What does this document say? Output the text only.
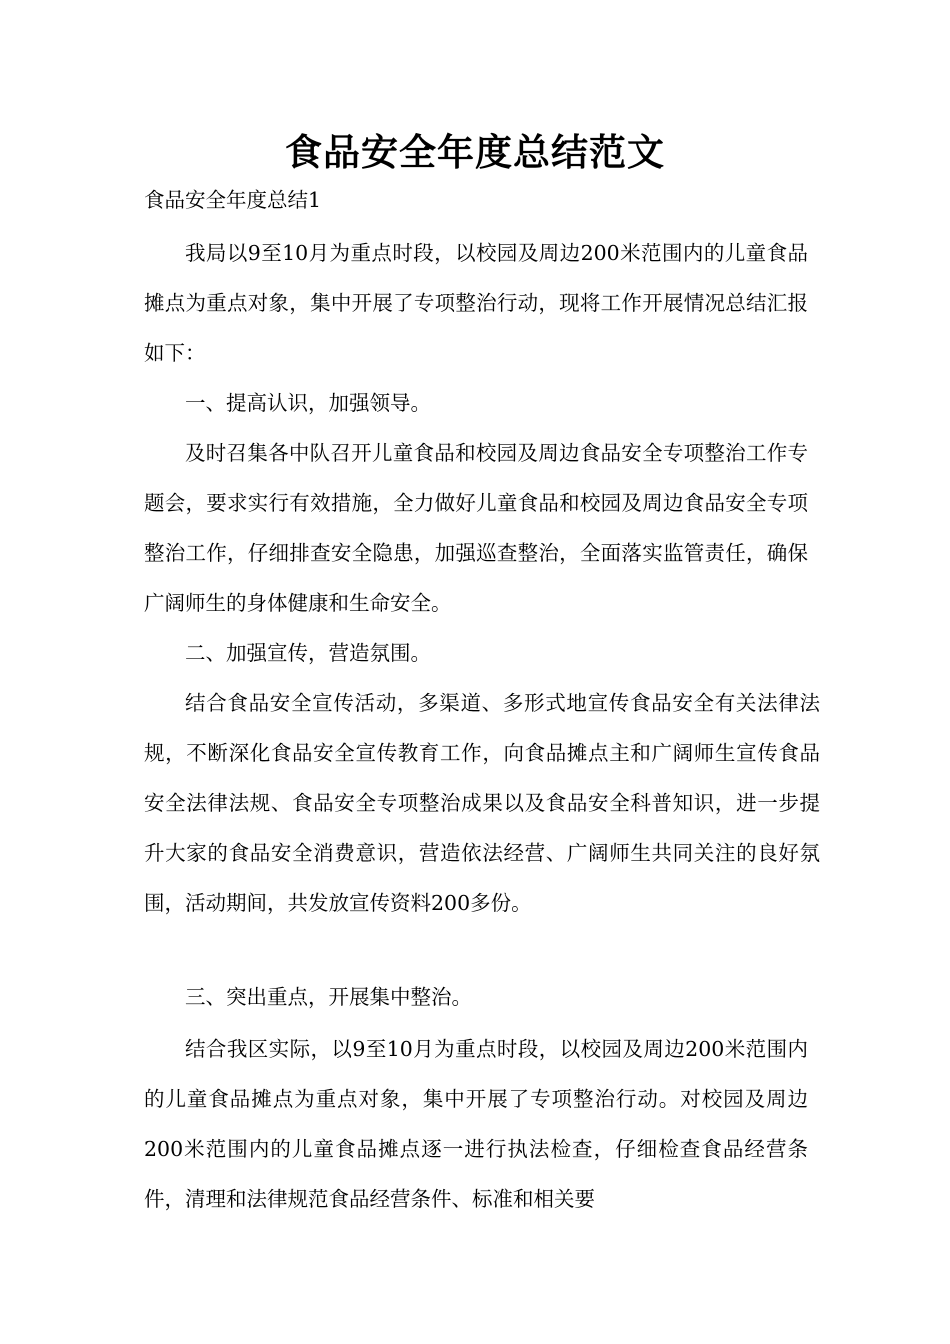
食品安全年度总结范文

食品安全年度总结1

我局以9至10月为重点时段，以校园及周边200米范围内的儿童食品摊点为重点对象，集中开展了专项整治行动，现将工作开展情况总结汇报如下：

一、提高认识，加强领导。

及时召集各中队召开儿童食品和校园及周边食品安全专项整治工作专题会，要求实行有效措施，全力做好儿童食品和校园及周边食品安全专项整治工作，仔细排查安全隐患，加强巡查整治，全面落实监管责任，确保广阔师生的身体健康和生命安全。

二、加强宣传，营造氛围。

结合食品安全宣传活动，多渠道、多形式地宣传食品安全有关法律法规，不断深化食品安全宣传教育工作，向食品摊点主和广阔师生宣传食品安全法律法规、食品安全专项整治成果以及食品安全科普知识，进一步提升大家的食品安全消费意识，营造依法经营、广阔师生共同关注的良好氛围，活动期间，共发放宣传资料200多份。

三、突出重点，开展集中整治。

结合我区实际，以9至10月为重点时段，以校园及周边200米范围内的儿童食品摊点为重点对象，集中开展了专项整治行动。对校园及周边200米范围内的儿童食品摊点逐一进行执法检查，仔细检查食品经营条件，清理和法律规范食品经营条件、标准和相关要
